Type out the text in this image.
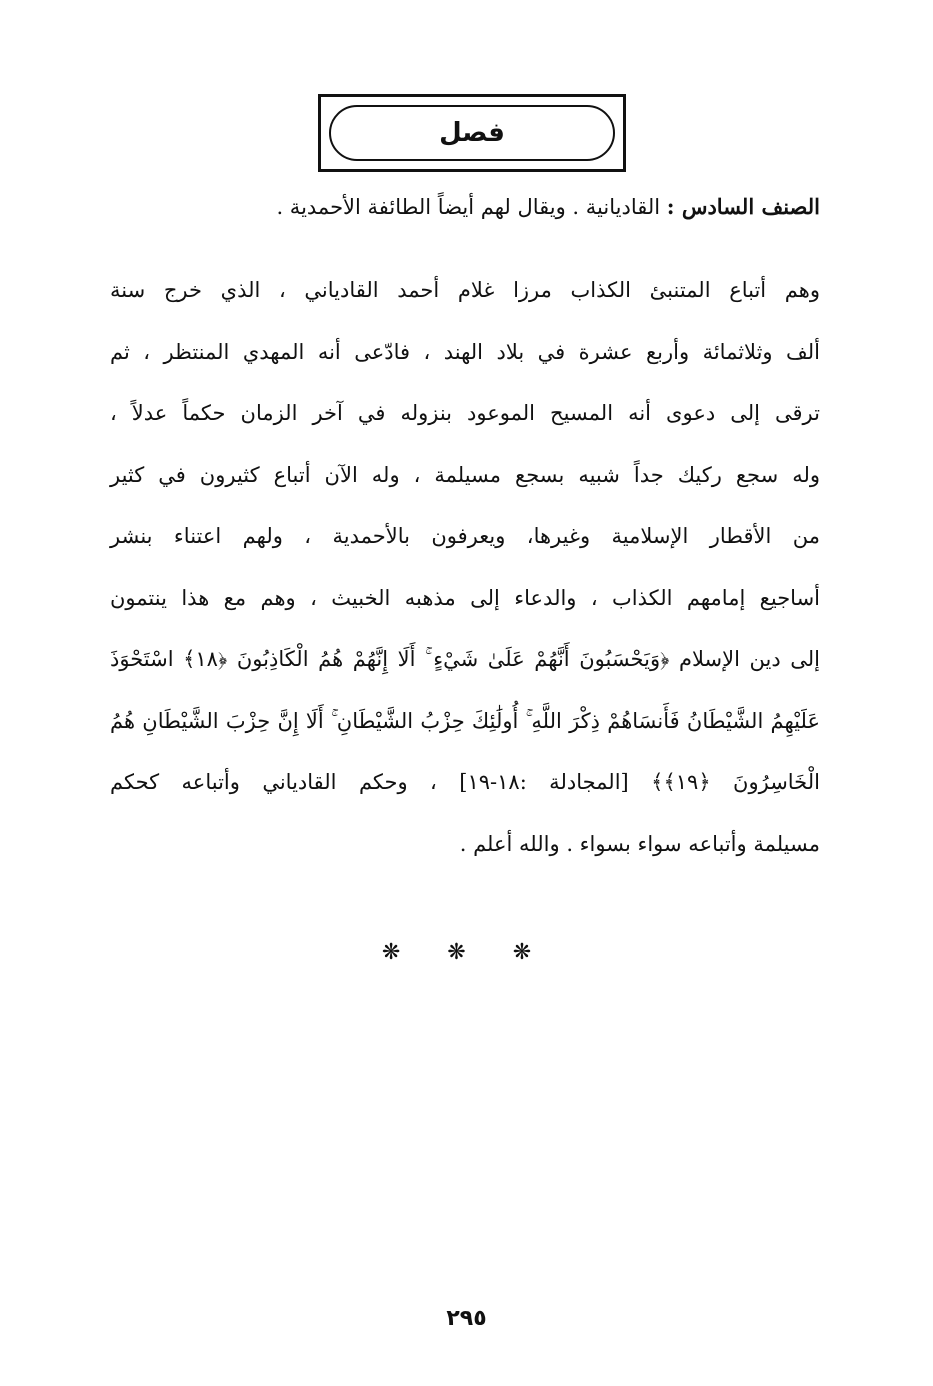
فصل
الصنف السادس : القاديانية . ويقال لهم أيضاً الطائفة الأحمدية .
وهم أتباع المتنبئ الكذاب مرزا غلام أحمد القادياني ، الذي خرج سنة
ألف وثلاثمائة وأربع عشرة في بلاد الهند ، فادّعى أنه المهدي المنتظر ، ثم
ترقى إلى دعوى أنه المسيح الموعود بنزوله في آخر الزمان حكماً عدلاً ،
وله سجع ركيك جداً شبيه بسجع مسيلمة ، وله الآن أتباع كثيرون في كثير
من الأقطار الإسلامية وغيرها، ويعرفون بالأحمدية ، ولهم اعتناء بنشر
أساجيع إمامهم الكذاب ، والدعاء إلى مذهبه الخبيث ، وهم مع هذا ينتمون
إلى دين الإسلام ﴿وَيَحْسَبُونَ أَنَّهُمْ عَلَىٰ شَيْءٍ ۚ أَلَا إِنَّهُمْ هُمُ الْكَاذِبُونَ ﴿١٨﴾ اسْتَحْوَذَ
عَلَيْهِمُ الشَّيْطَانُ فَأَنسَاهُمْ ذِكْرَ اللَّهِ ۚ أُولَٰئِكَ حِزْبُ الشَّيْطَانِ ۚ أَلَا إِنَّ حِزْبَ الشَّيْطَانِ هُمُ
الْخَاسِرُونَ ﴿١٩﴾﴾ [المجادلة :١٨-١٩] ، وحكم القادياني وأتباعه كحكم
مسيلمة وأتباعه سواء بسواء . والله أعلم .
❋ ❋ ❋
٢٩٥
